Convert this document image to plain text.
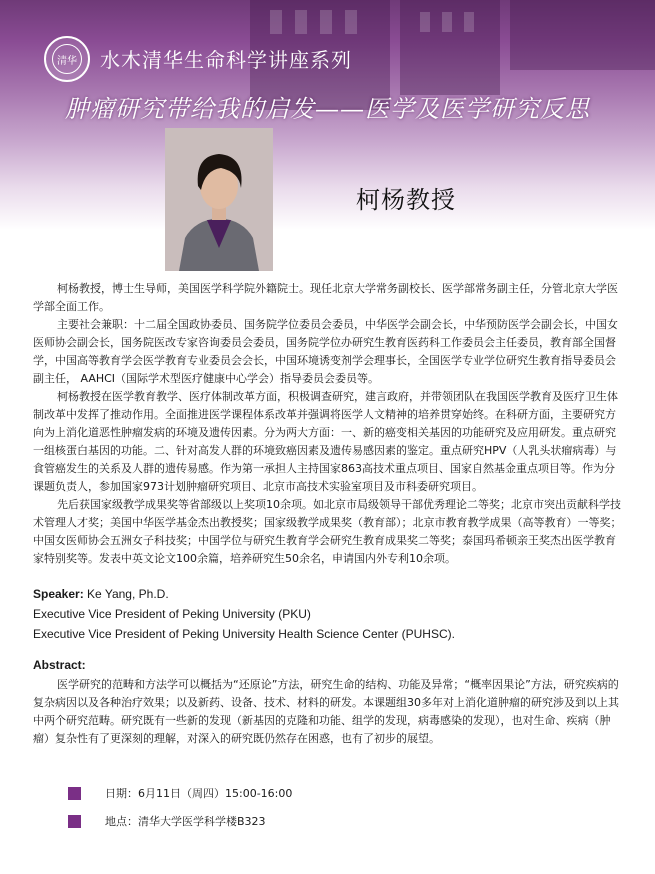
清华 水木清华生命科学讲座系列
肿瘤研究带给我的启发——医学及医学研究反思
柯杨教授

柯杨教授，博士生导师，美国医学科学院外籍院士。现任北京大学常务副校长、医学部常务副主任，分管北京大学医学部全面工作。

主要社会兼职：十二届全国政协委员、国务院学位委员会委员，中华医学会副会长，中华预防医学会副会长，中国女医师协会副会长，国务院医改专家咨询委员会委员，国务院学位办研究生教育医药科工作委员会主任委员，教育部全国督学，中国高等教育学会医学教育专业委员会会长，中国环境诱变剂学会理事长，全国医学专业学位研究生教育指导委员会副主任， AAHCI（国际学术型医疗健康中心学会）指导委员会委员等。

柯杨教授在医学教育教学、医疗体制改革方面，积极调查研究，建言政府，并带领团队在我国医学教育及医疗卫生体制改革中发挥了推动作用。全面推进医学课程体系改革并强调将医学人文精神的培养贯穿始终。在科研方面，主要研究方向为上消化道恶性肿瘤发病的环境及遗传因素。分为两大方面：一、新的癌变相关基因的功能研究及应用研发。重点研究一组核蛋白基因的功能。二、针对高发人群的环境致癌因素及遗传易感因素的鉴定。重点研究HPV（人乳头状瘤病毒）与食管癌发生的关系及人群的遗传易感。作为第一承担人主持国家863高技术重点项目、国家自然基金重点项目等。作为分课题负责人，参加国家973计划肿瘤研究项目、北京市高技术实验室项目及市科委研究项目。

先后获国家级教学成果奖等省部级以上奖项10余项。如北京市局级领导干部优秀理论二等奖；北京市突出贡献科学技术管理人才奖；美国中华医学基金杰出教授奖；国家级教学成果奖（教育部）；北京市教育教学成果（高等教育）一等奖；中国女医师协会五洲女子科技奖；中国学位与研究生教育学会研究生教育成果奖二等奖；泰国玛希顿亲王奖杰出医学教育家特别奖等。发表中英文论文100余篇，培养研究生50余名，申请国内外专利10余项。

Speaker: Ke Yang, Ph.D.
Executive Vice President of Peking University (PKU)
Executive Vice President of Peking University Health Science Center (PUHSC).
Abstract:

医学研究的范畴和方法学可以概括为“还原论”方法，研究生命的结构、功能及异常；“概率因果论”方法，研究疾病的复杂病因以及各种治疗效果；以及新药、设备、技术、材料的研发。本课题组30多年对上消化道肿瘤的研究涉及到以上其中两个研究范畴。研究既有一些新的发现（新基因的克隆和功能、组学的发现，病毒感染的发现），也对生命、疾病（肿瘤）复杂性有了更深刻的理解，对深入的研究既仍然存在困惑，也有了初步的展望。

日期：6月11日（周四）15:00-16:00
地点：清华大学医学科学楼B323
